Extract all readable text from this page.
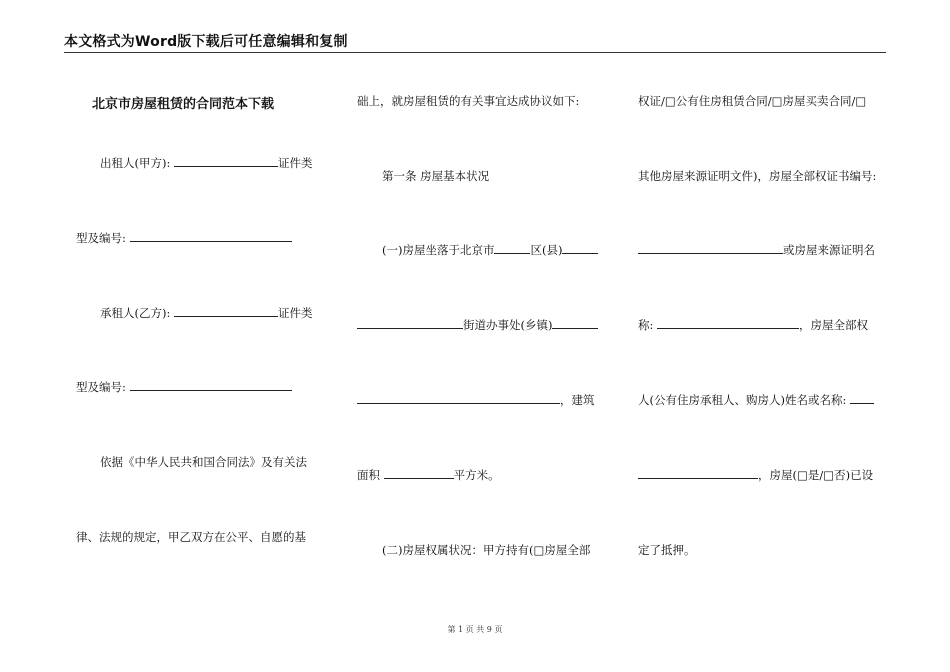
本文格式为Word版下载后可任意编辑和复制
北京市房屋租赁的合同范本下载
出租人(甲方):	证件类
型及编号:
承租人(乙方):	证件类
型及编号:
依据《中华人民共和国合同法》及有关法
律、法规的规定，甲乙双方在公平、自愿的基
础上，就房屋租赁的有关事宜达成协议如下:
第一条 房屋基本状况
(一)房屋坐落于北京市	区(县)
街道办事处(乡镇)
，建筑
面积	平方米。
(二)房屋权属状况：甲方持有(□房屋全部
权证/□公有住房租赁合同/□房屋买卖合同/□
其他房屋来源证明文件)，房屋全部权证书编号:
或房屋来源证明名
称:	，房屋全部权
人(公有住房承租人、购房人)姓名或名称:
，房屋(□是/□否)已设
定了抵押。
第 1 页 共 9 页
